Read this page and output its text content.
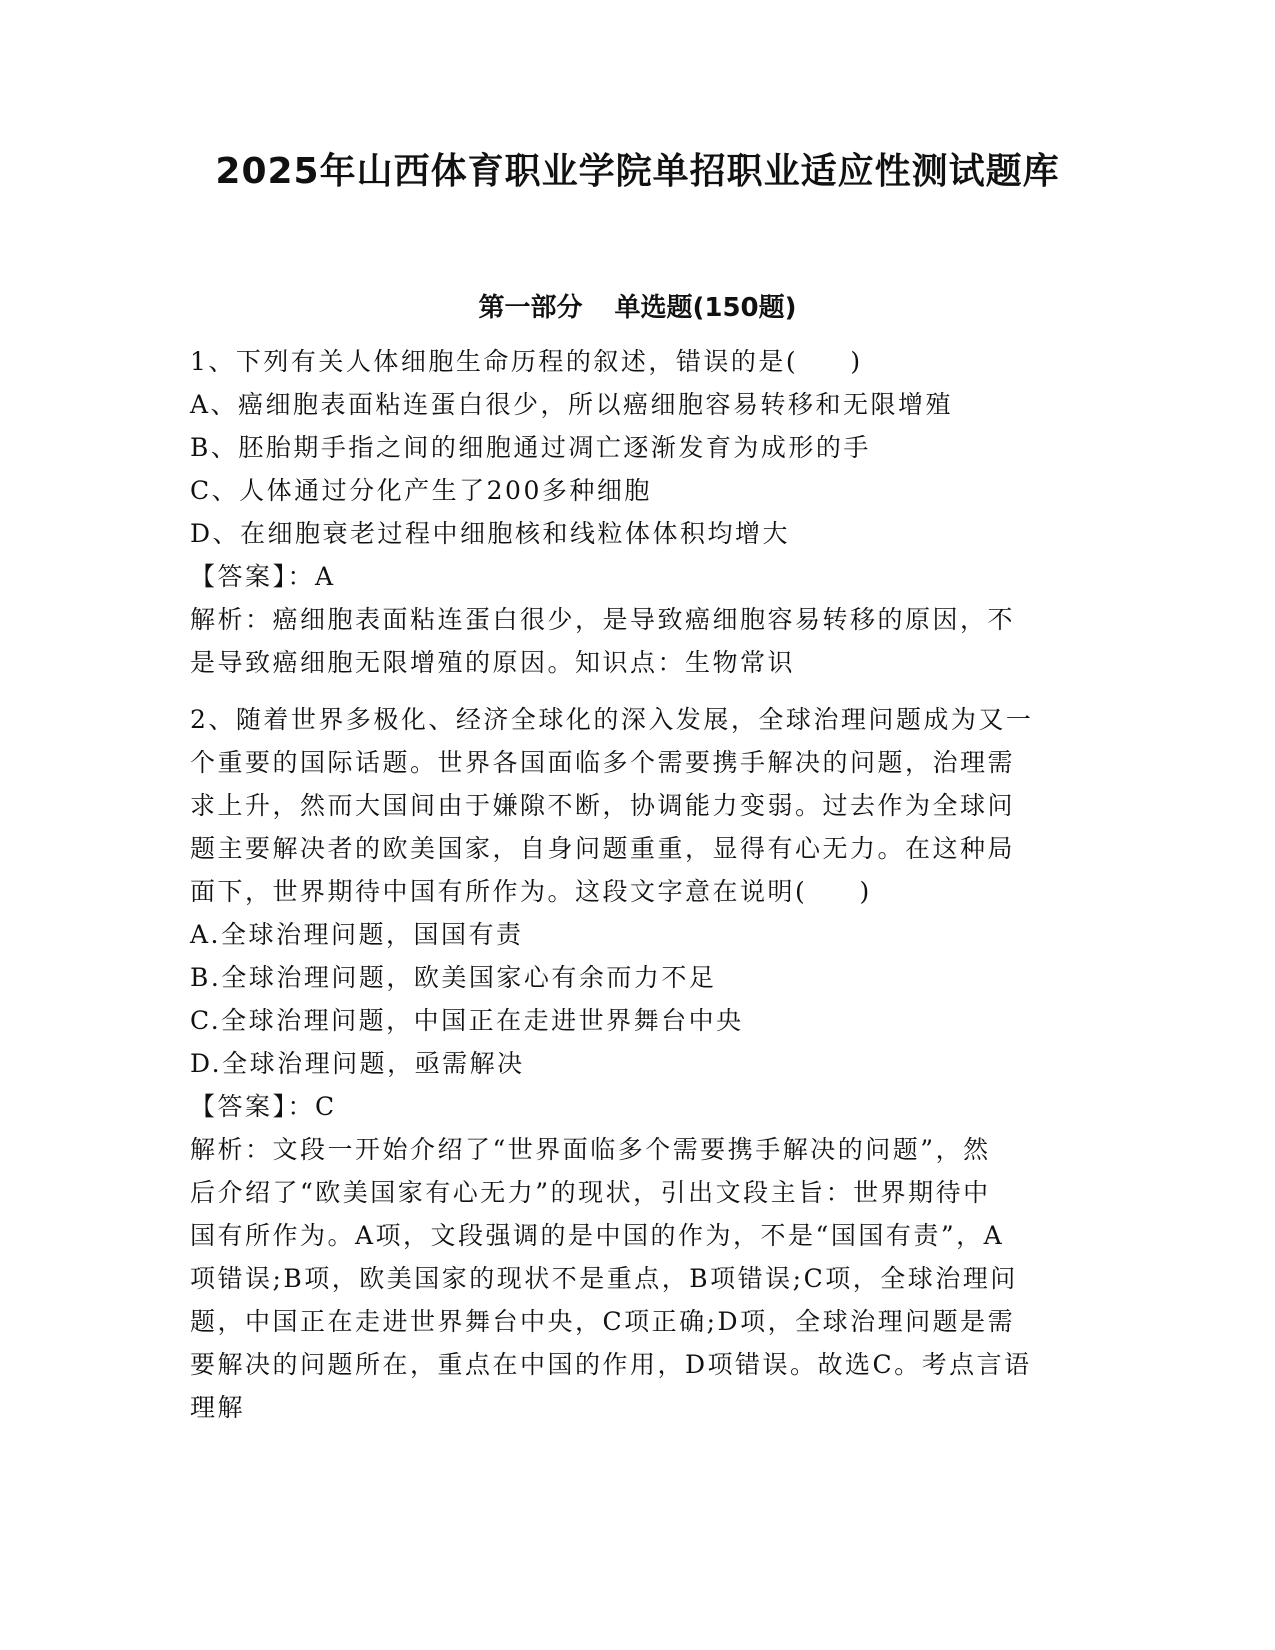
2025年山西体育职业学院单招职业适应性测试题库
第一部分 单选题(150题)
1、下列有关人体细胞生命历程的叙述，错误的是(     )
A、癌细胞表面粘连蛋白很少，所以癌细胞容易转移和无限增殖
B、胚胎期手指之间的细胞通过凋亡逐渐发育为成形的手
C、人体通过分化产生了200多种细胞
D、在细胞衰老过程中细胞核和线粒体体积均增大
【答案】：A
解析：癌细胞表面粘连蛋白很少，是导致癌细胞容易转移的原因，不
是导致癌细胞无限增殖的原因。知识点：生物常识
2、随着世界多极化、经济全球化的深入发展，全球治理问题成为又一
个重要的国际话题。世界各国面临多个需要携手解决的问题，治理需
求上升，然而大国间由于嫌隙不断，协调能力变弱。过去作为全球问
题主要解决者的欧美国家，自身问题重重，显得有心无力。在这种局
面下，世界期待中国有所作为。这段文字意在说明(     )
A.全球治理问题，国国有责
B.全球治理问题，欧美国家心有余而力不足
C.全球治理问题，中国正在走进世界舞台中央
D.全球治理问题，亟需解决
【答案】：C
解析：文段一开始介绍了“世界面临多个需要携手解决的问题”，然
后介绍了“欧美国家有心无力”的现状，引出文段主旨：世界期待中
国有所作为。A项，文段强调的是中国的作为，不是“国国有责”，A
项错误;B项，欧美国家的现状不是重点，B项错误;C项，全球治理问
题，中国正在走进世界舞台中央，C项正确;D项，全球治理问题是需
要解决的问题所在，重点在中国的作用，D项错误。故选C。考点言语
理解
